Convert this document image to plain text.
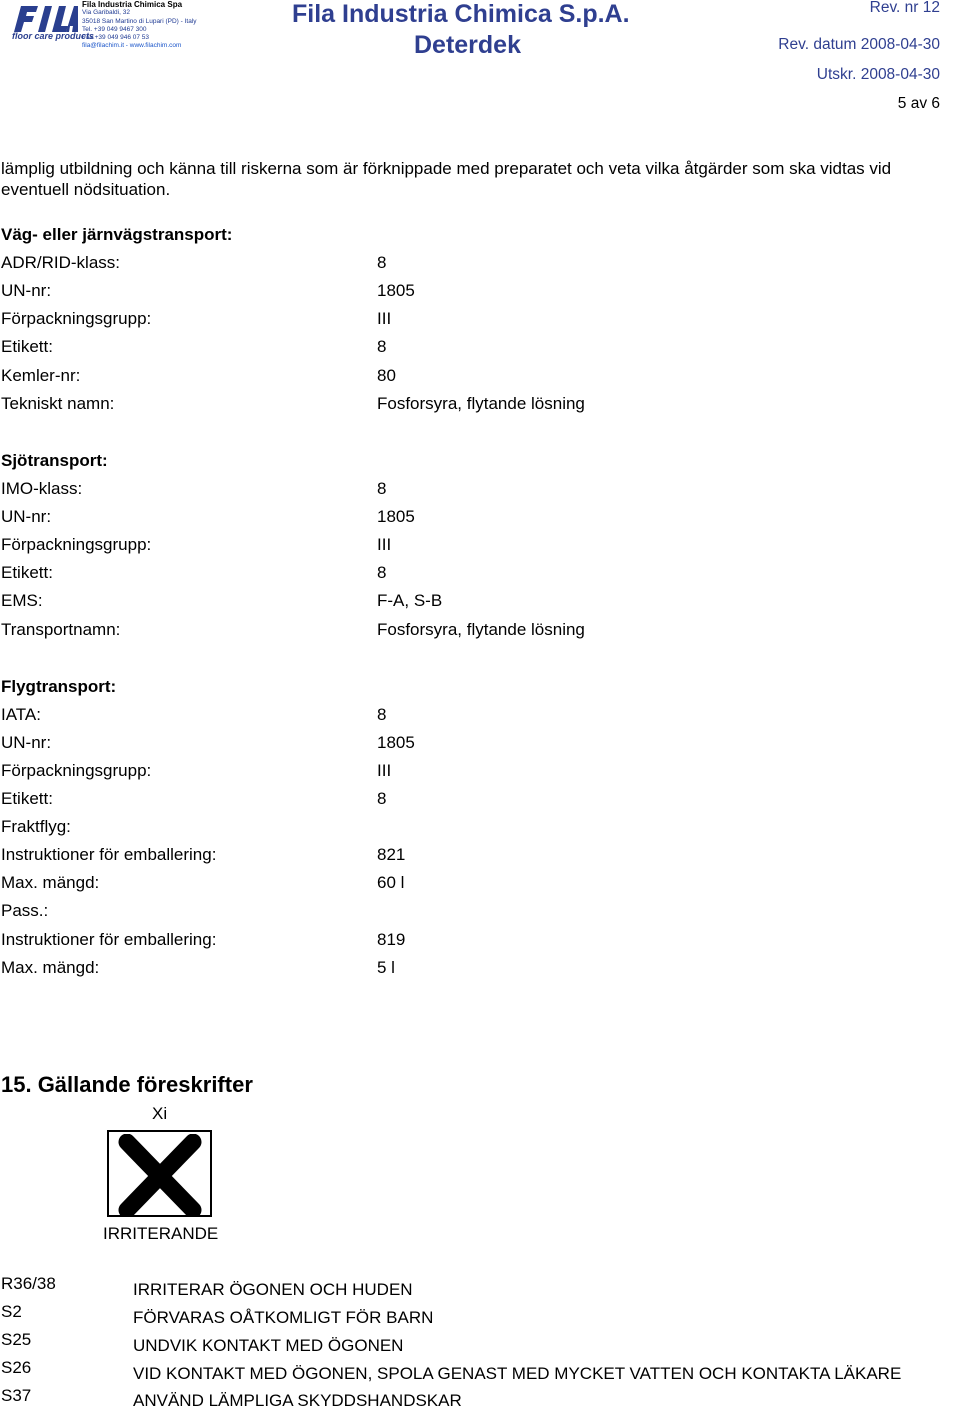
floor care products
Fila Industria Chimica Spa
Via Garibaldi, 32
35018 San Martino di Lupari (PD) - Italy
Tel. +39 049 9467 300
Fax.+39 049 946 07 53
fila@filachim.it - www.filachim.com
Fila Industria Chimica S.p.A.
Deterdek
Rev. nr 12
Rev. datum 2008-04-30
Utskr. 2008-04-30
5 av 6
lämplig utbildning och känna till riskerna som är förknippade med preparatet och veta vilka åtgärder som ska vidtas vid eventuell nödsituation.
Väg- eller järnvägstransport:
ADR/RID-klass:	8
UN-nr:	1805
Förpackningsgrupp:	III
Etikett:	8
Kemler-nr:	80
Tekniskt namn:	Fosforsyra, flytande lösning
Sjötransport:
IMO-klass:	8
UN-nr:	1805
Förpackningsgrupp:	III
Etikett:	8
EMS:	F-A, S-B
Transportnamn:	Fosforsyra, flytande lösning
Flygtransport:
IATA:	8
UN-nr:	1805
Förpackningsgrupp:	III
Etikett:	8
Fraktflyg:
Instruktioner för emballering:	821
Max. mängd:	60 l
Pass.:
Instruktioner för emballering:	819
Max. mängd:	5 l
15. Gällande föreskrifter
Xi
IRRITERANDE
R36/38	IRRITERAR ÖGONEN OCH HUDEN
S2	FÖRVARAS OÅTKOMLIGT FÖR BARN
S25	UNDVIK KONTAKT MED ÖGONEN
S26	VID KONTAKT MED ÖGONEN, SPOLA GENAST MED MYCKET VATTEN OCH KONTAKTA LÄKARE
S37	ANVÄND LÄMPLIGA SKYDDSHANDSKAR
